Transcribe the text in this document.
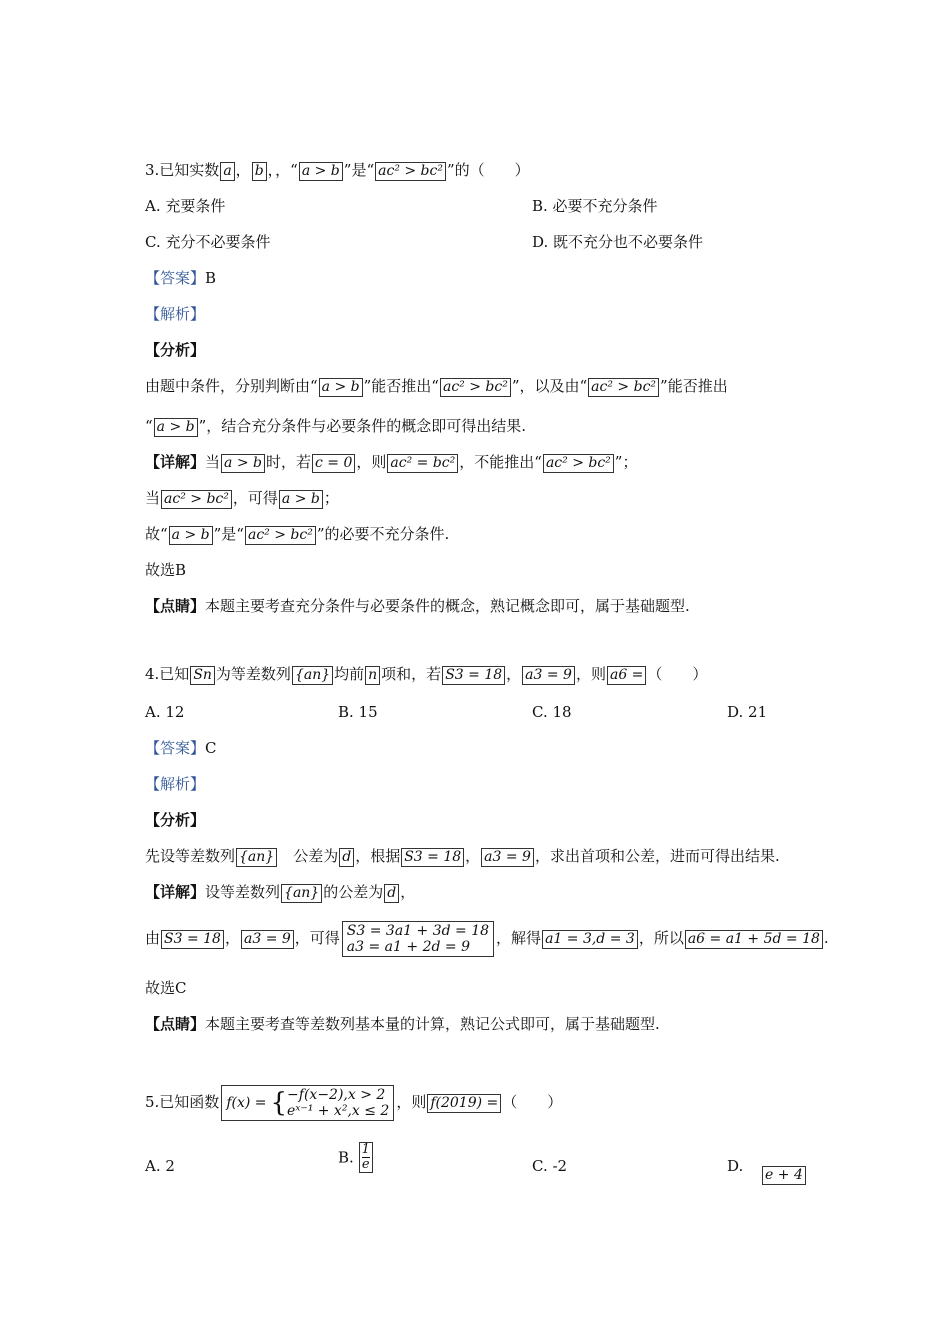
3.已知实数 a ， b ，，“ a > b ”是“ ac² > bc² ”的（　　）
A. 充要条件	B. 必要不充分条件
C. 充分不必要条件	D. 既不充分也不必要条件
【答案】B
【解析】
【分析】
由题中条件，分别判断由“ a > b ”能否推出“ ac² > bc² ”，以及由“ ac² > bc² ”能否推出
“ a > b ”，结合充分条件与必要条件的概念即可得出结果.
【详解】当 a > b 时，若 c = 0 ，则 ac² = bc² ，不能推出“ ac² > bc² ”；
当 ac² > bc² ，可得 a > b ；
故“ a > b ”是“ ac² > bc² ”的必要不充分条件.
故选B
【点睛】本题主要考查充分条件与必要条件的概念，熟记概念即可，属于基础题型.
4.已知 Sn 为等差数列 {an} 均前 n 项和，若 S3 = 18 ， a3 = 9 ，则 a6 = （　　）
A. 12	B. 15	C. 18	D. 21
【答案】C
【解析】
【分析】
先设等差数列 {an}　公差为 d ，根据 S3 = 18 ， a3 = 9 ，求出首项和公差，进而可得出结果.
【详解】设等差数列 {an} 的公差为 d ，
由 S3 = 18 ， a3 = 9 ，可得 S3 = 3a1 + 3d = 18
a3 = a1 + 2d = 9	，解得 a1 = 3,d = 3 ，所以 a6 = a1 + 5d = 18 .
故选C
【点睛】本题主要考查等差数列基本量的计算，熟记公式即可，属于基础题型.
5.已知函数 f(x) = { −f(x−2),x > 2
eˣ⁻¹ + x²,x ≤ 2 ，则 f(2019) = （　　）
A. 2	B. $\frac{1}{e}$	C. -2	D. e + 4
